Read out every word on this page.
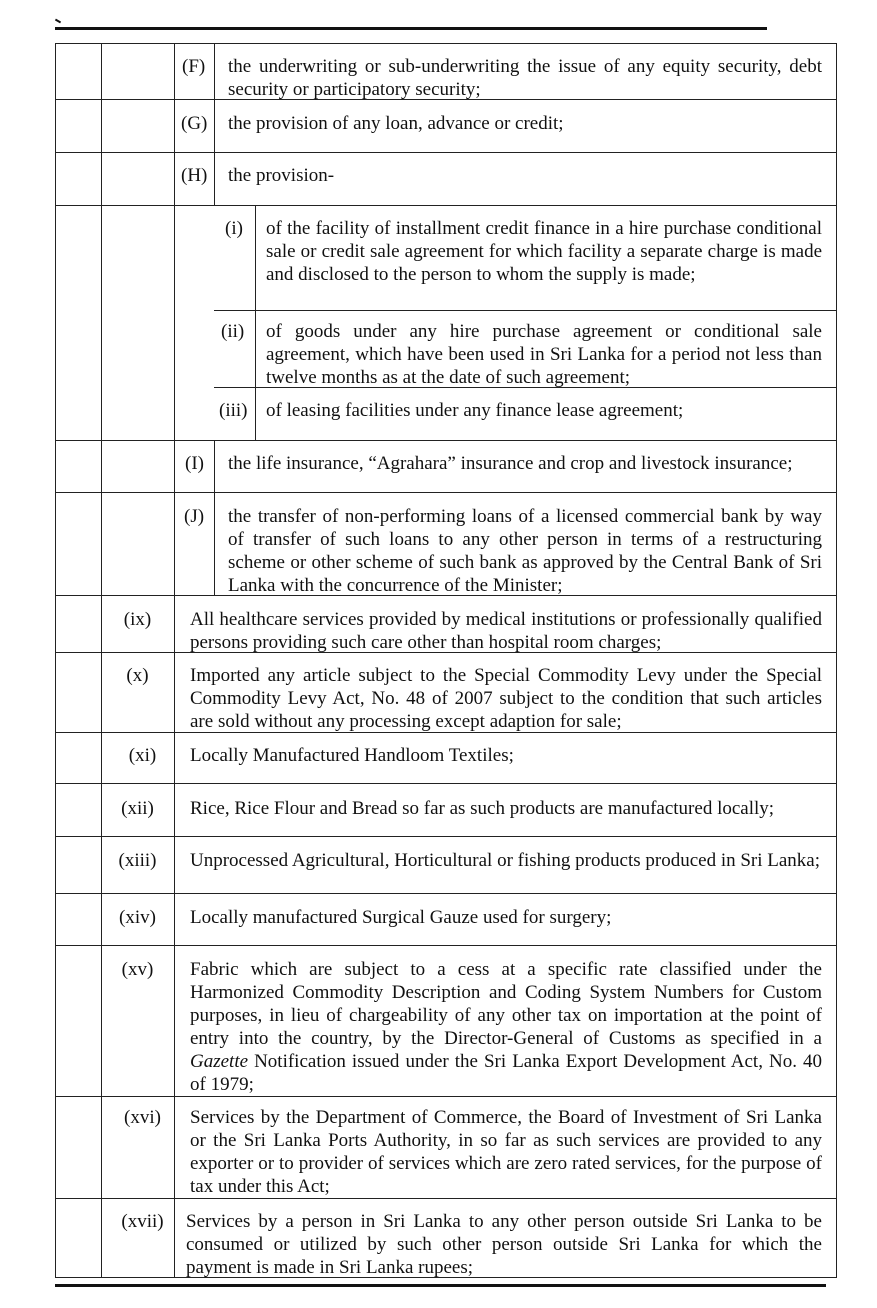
(F) the underwriting or sub-underwriting the issue of any equity security, debt security or participatory security;
(G) the provision of any loan, advance or credit;
(H) the provision-
(i) of the facility of installment credit finance in a hire purchase conditional sale or credit sale agreement for which facility a separate charge is made and disclosed to the person to whom the supply is made;
(ii) of goods under any hire purchase agreement or conditional sale agreement, which have been used in Sri Lanka for a period not less than twelve months as at the date of such agreement;
(iii) of leasing facilities under any finance lease agreement;
(I) the life insurance, “Agrahara” insurance and crop and livestock insurance;
(J) the transfer of non-performing loans of a licensed commercial bank by way of transfer of such loans to any other person in terms of a restructuring scheme or other scheme of such bank as approved by the Central Bank of Sri Lanka with the concurrence of the Minister;
(ix)	All healthcare services provided by medical institutions or professionally qualified persons providing such care other than hospital room charges;
(x)	Imported any article subject to the Special Commodity Levy under the Special Commodity Levy Act, No. 48 of 2007 subject to the condition that such articles are sold without any processing except adaption for sale;
(xi)	Locally Manufactured Handloom Textiles;
(xii)	Rice, Rice Flour and Bread so far as such products are manufactured locally;
(xiii)	Unprocessed Agricultural, Horticultural or fishing products produced in Sri Lanka;
(xiv)	Locally manufactured Surgical Gauze used for surgery;
(xv)	Fabric which are subject to a cess at a specific rate classified under the Harmonized Commodity Description and Coding System Numbers for Custom purposes, in lieu of chargeability of any other tax on importation at the point of entry into the country, by the Director-General of Customs as specified in a Gazette Notification issued under the Sri Lanka Export Development Act, No. 40 of 1979;
(xvi)	Services by the Department of Commerce, the Board of Investment of Sri Lanka or the Sri Lanka Ports Authority, in so far as such services are provided to any exporter or to provider of services which are zero rated services, for the purpose of tax under this Act;
(xvii)	Services by a person in Sri Lanka to any other person outside Sri Lanka to be consumed or utilized by such other person outside Sri Lanka for which the payment is made in Sri Lanka rupees;
